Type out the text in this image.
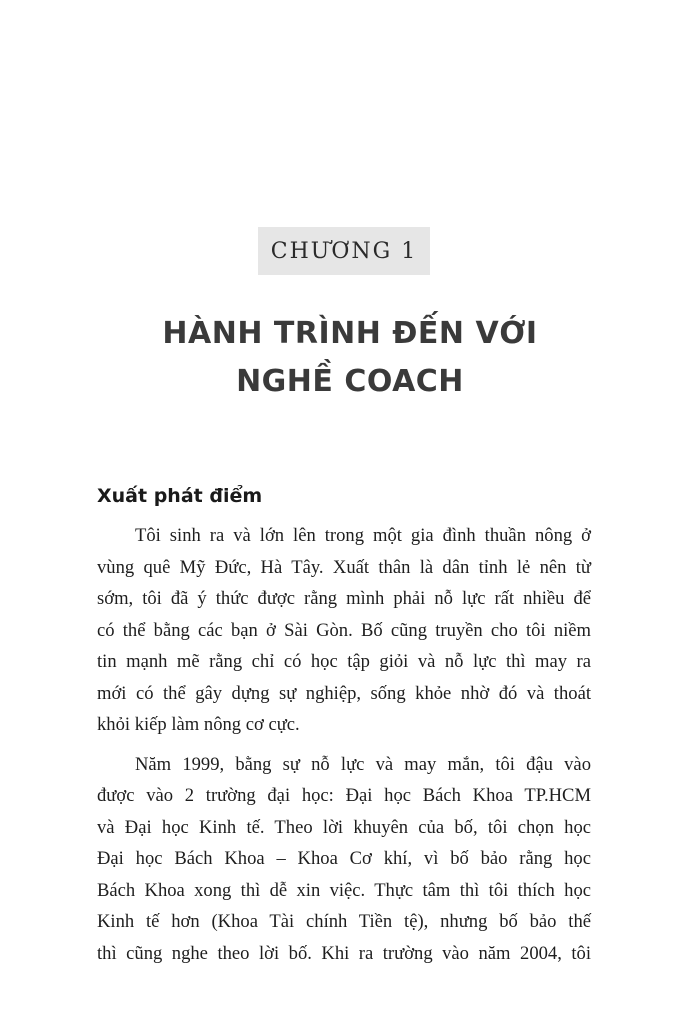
CHƯƠNG 1
HÀNH TRÌNH ĐẾN VỚI
NGHỀ COACH
Xuất phát điểm
Tôi sinh ra và lớn lên trong một gia đình thuần nông ở
vùng quê Mỹ Đức, Hà Tây. Xuất thân là dân tỉnh lẻ nên từ
sớm, tôi đã ý thức được rằng mình phải nỗ lực rất nhiều để
có thể bằng các bạn ở Sài Gòn. Bố cũng truyền cho tôi niềm
tin mạnh mẽ rằng chỉ có học tập giỏi và nỗ lực thì may ra
mới có thể gây dựng sự nghiệp, sống khỏe nhờ đó và thoát
khỏi kiếp làm nông cơ cực.
Năm 1999, bằng sự nỗ lực và may mắn, tôi đậu vào
được vào 2 trường đại học: Đại học Bách Khoa TP.HCM
và Đại học Kinh tế. Theo lời khuyên của bố, tôi chọn học
Đại học Bách Khoa – Khoa Cơ khí, vì bố bảo rằng học
Bách Khoa xong thì dễ xin việc. Thực tâm thì tôi thích học
Kinh tế hơn (Khoa Tài chính Tiền tệ), nhưng bố bảo thế
thì cũng nghe theo lời bố. Khi ra trường vào năm 2004, tôi
